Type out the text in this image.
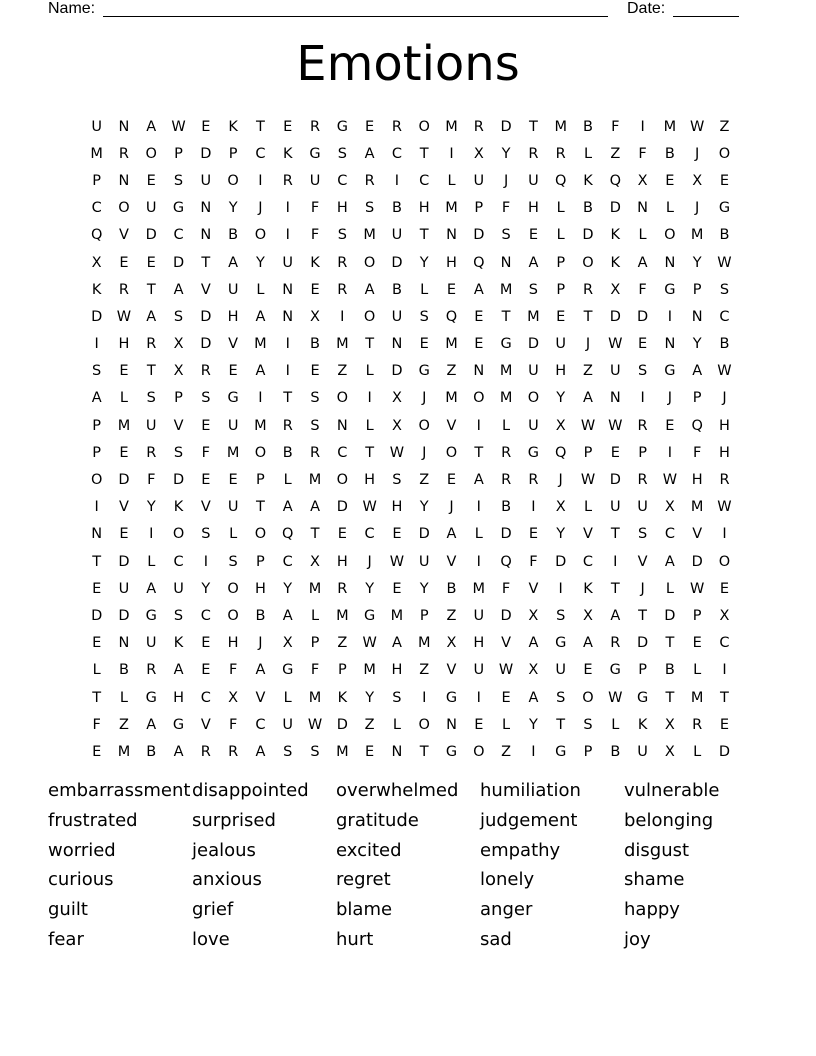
Name:	Date:
Emotions
U	N	A	W	E	K	T	E	R	G	E	R	O	M	R	D	T	M	B	F	I	M W	Z
M	R	O	P	D	P	C	K	G	S	A	C	T	I	X	Y	R	R	L	Z	F	B	J	O
P	N	E	S	U	O	I	R	U	C	R	I	C	L	U	J	U	Q	K	Q	X	E	X	E
C	O	U	G	N	Y	J	I	F	H	S	B	H	M	P	F	H	L	B	D	N	L	J	G
Q	V	D	C	N	B	O	I	F	S	M	U	T	N	D	S	E	L	D	K	L	O	M	B
X	E	E	D	T	A	Y	U	K	R	O	D	Y	H	Q	N	A	P	O	K	A	N	Y	W
K	R	T	A	V	U	L	N	E	R	A	B	L	E	A	M	S	P	R	X	F	G	P	S
D	W	A	S	D	H	A	N	X	I	O	U	S	Q	E	T	M	E	T	D	D	I	N	C
I	H	R	X	D	V	M	I	B	M	T	N	E	M	E	G	D	U	J	W	E	N	Y	B
S	E	T	X	R	E	A	I	E	Z	L	D	G	Z	N	M	U	H	Z	U	S	G	A	W
A	L	S	P	S	G	I	T	S	O	I	X	J	M	O	M	O	Y	A	N	I	J	P	J
P	M	U	V	E	U	M	R	S	N	L	X	O	V	I	L	U	X	W W	R	E	Q	H
P	E	R	S	F	M	O	B	R	C	T	W	J	O	T	R	G	Q	P	E	P	I	F	H
O	D	F	D	E	E	P	L	M	O	H	S	Z	E	A	R	R	J	W	D	R	W	H	R
I	V	Y	K	V	U	T	A	A	D	W	H	Y	J	I	B	I	X	L	U	U	X	M W
N	E	I	O	S	L	O	Q	T	E	C	E	D	A	L	D	E	Y	V	T	S	C	V	I
T	D	L	C	I	S	P	C	X	H	J	W	U	V	I	Q	F	D	C	I	V	A	D	O
E	U	A	U	Y	O	H	Y	M	R	Y	E	Y	B	M	F	V	I	K	T	J	L	W	E
D	D	G	S	C	O	B	A	L	M	G	M	P	Z	U	D	X	S	X	A	T	D	P	X
E	N	U	K	E	H	J	X	P	Z	W	A	M	X	H	V	A	G	A	R	D	T	E	C
L	B	R	A	E	F	A	G	F	P	M	H	Z	V	U	W	X	U	E	G	P	B	L	I
T	L	G	H	C	X	V	L	M	K	Y	S	I	G	I	E	A	S	O W	G	T	M	T
F	Z	A	G	V	F	C	U	W	D	Z	L	O	N	E	L	Y	T	S	L	K	X	R	E
E	M	B	A	R	R	A	S	S	M	E	N	T	G	O	Z	I	G	P	B	U	X	L	D
embarrassment disappointed	overwhelmed	humiliation	vulnerable
frustrated	surprised	gratitude	judgement	belonging
worried	jealous	excited	empathy	disgust
curious	anxious	regret	lonely	shame
guilt	grief	blame	anger	happy
fear	love	hurt	sad	joy
